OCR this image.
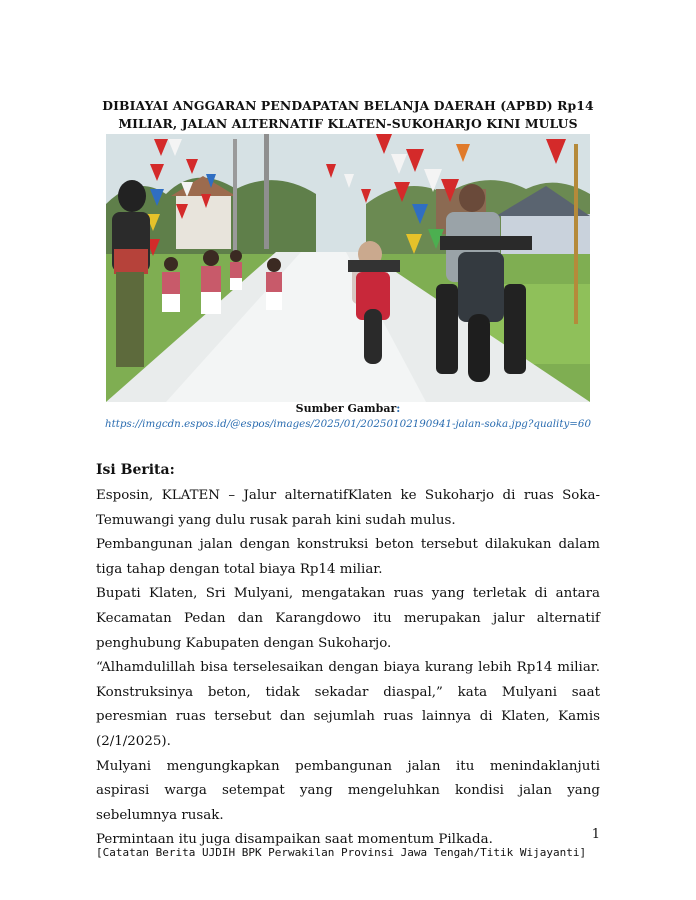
DIBIAYAI ANGGARAN PENDAPATAN BELANJA DAERAH (APBD) Rp14
MILIAR, JALAN ALTERNATIF KLATEN-SUKOHARJO KINI MULUS
Sumber Gambar:
https://imgcdn.espos.id/@espos/images/2025/01/20250102190941-jalan-soka.jpg?quality=60
Isi Berita:

Esposin, KLATEN – Jalur alternatifKlaten ke Sukoharjo di ruas Soka-Temuwangi yang dulu rusak parah kini sudah mulus.

Pembangunan jalan dengan konstruksi beton tersebut dilakukan dalam tiga tahap dengan total biaya Rp14 miliar.

Bupati Klaten, Sri Mulyani, mengatakan ruas yang terletak di antara Kecamatan Pedan dan Karangdowo itu merupakan jalur alternatif penghubung Kabupaten dengan Sukoharjo.

“Alhamdulillah bisa terselesaikan dengan biaya kurang lebih Rp14 miliar. Konstruksinya beton, tidak sekadar diaspal,” kata Mulyani saat peresmian ruas tersebut dan sejumlah ruas lainnya di Klaten, Kamis (2/1/2025).

Mulyani mengungkapkan pembangunan jalan itu menindaklanjuti aspirasi warga setempat yang mengeluhkan kondisi jalan yang sebelumnya rusak.

Permintaan itu juga disampaikan saat momentum Pilkada.	1
[Catatan Berita UJDIH BPK Perwakilan Provinsi Jawa Tengah/Titik Wijayanti]
